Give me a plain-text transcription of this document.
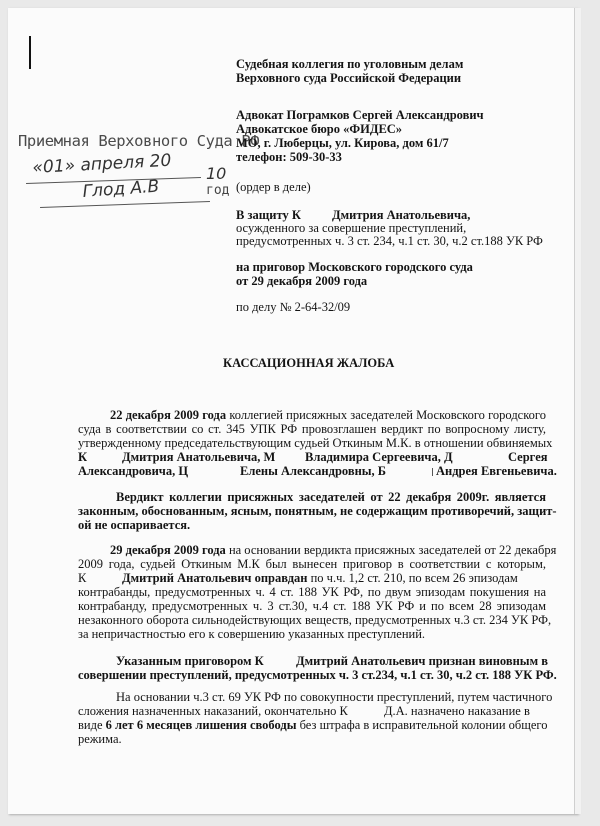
Приемная Верховного Суда РФ
«01» апреля 20 10 год
Глод А.В
Судебная коллегия по уголовным делам
Верховного суда Российской Федерации
Адвокат Пограмков Сергей Александрович
Адвокатское бюро «ФИДЕС»
МО, г. Люберцы, ул. Кирова, дом 61/7
телефон: 509-30-33
(ордер в деле)
В защиту К Дмитрия Анатольевича,
осужденного за совершение преступлений,
предусмотренных ч. 3 ст. 234, ч.1 ст. 30, ч.2 ст.188 УК РФ
на приговор Московского городского суда
от 29 декабря 2009 года
по делу № 2-64-32/09
КАССАЦИОННАЯ ЖАЛОБА
22 декабря 2009 года коллегией присяжных заседателей Московского городского
суда в соответствии со ст. 345 УПК РФ провозглашен вердикт по вопросному листу,
утвержденному председательствующим судьей Откиным М.К. в отношении обвиняемых
К	Дмитрия Анатольевича, М Владимира Сергеевича, Д	Сергея
Александровича, Ц	Елены Александровны, Б	Андрея Евгеньевича.
Вердикт коллегии присяжных заседателей от 22 декабря 2009г. является
законным, обоснованным, ясным, понятным, не содержащим противоречий, защит-
ой не оспаривается.
29 декабря 2009 года на основании вердикта присяжных заседателей от 22 декабря
2009 года, судьей Откиным М.К был вынесен приговор в соответствии с которым,
К	Дмитрий Анатольевич оправдан по ч.ч. 1,2 ст. 210, по всем 26 эпизодам
контрабанды, предусмотренных ч. 4 ст. 188 УК РФ, по двум эпизодам покушения на
контрабанду, предусмотренных ч. 3 ст.30, ч.4 ст. 188 УК РФ и по всем 28 эпизодам
незаконного оборота сильнодействующих веществ, предусмотренных ч.3 ст. 234 УК РФ,
за непричастностью его к совершению указанных преступлений.
Указанным приговором К	Дмитрий Анатольевич признан виновным в
совершении преступлений, предусмотренных ч. 3 ст.234, ч.1 ст. 30, ч.2 ст. 188 УК РФ.
На основании ч.3 ст. 69 УК РФ по совокупности преступлений, путем частичного
сложения назначенных наказаний, окончательно К	Д.А. назначено наказание в
виде 6 лет 6 месяцев лишения свободы без штрафа в исправительной колонии общего
режима.
